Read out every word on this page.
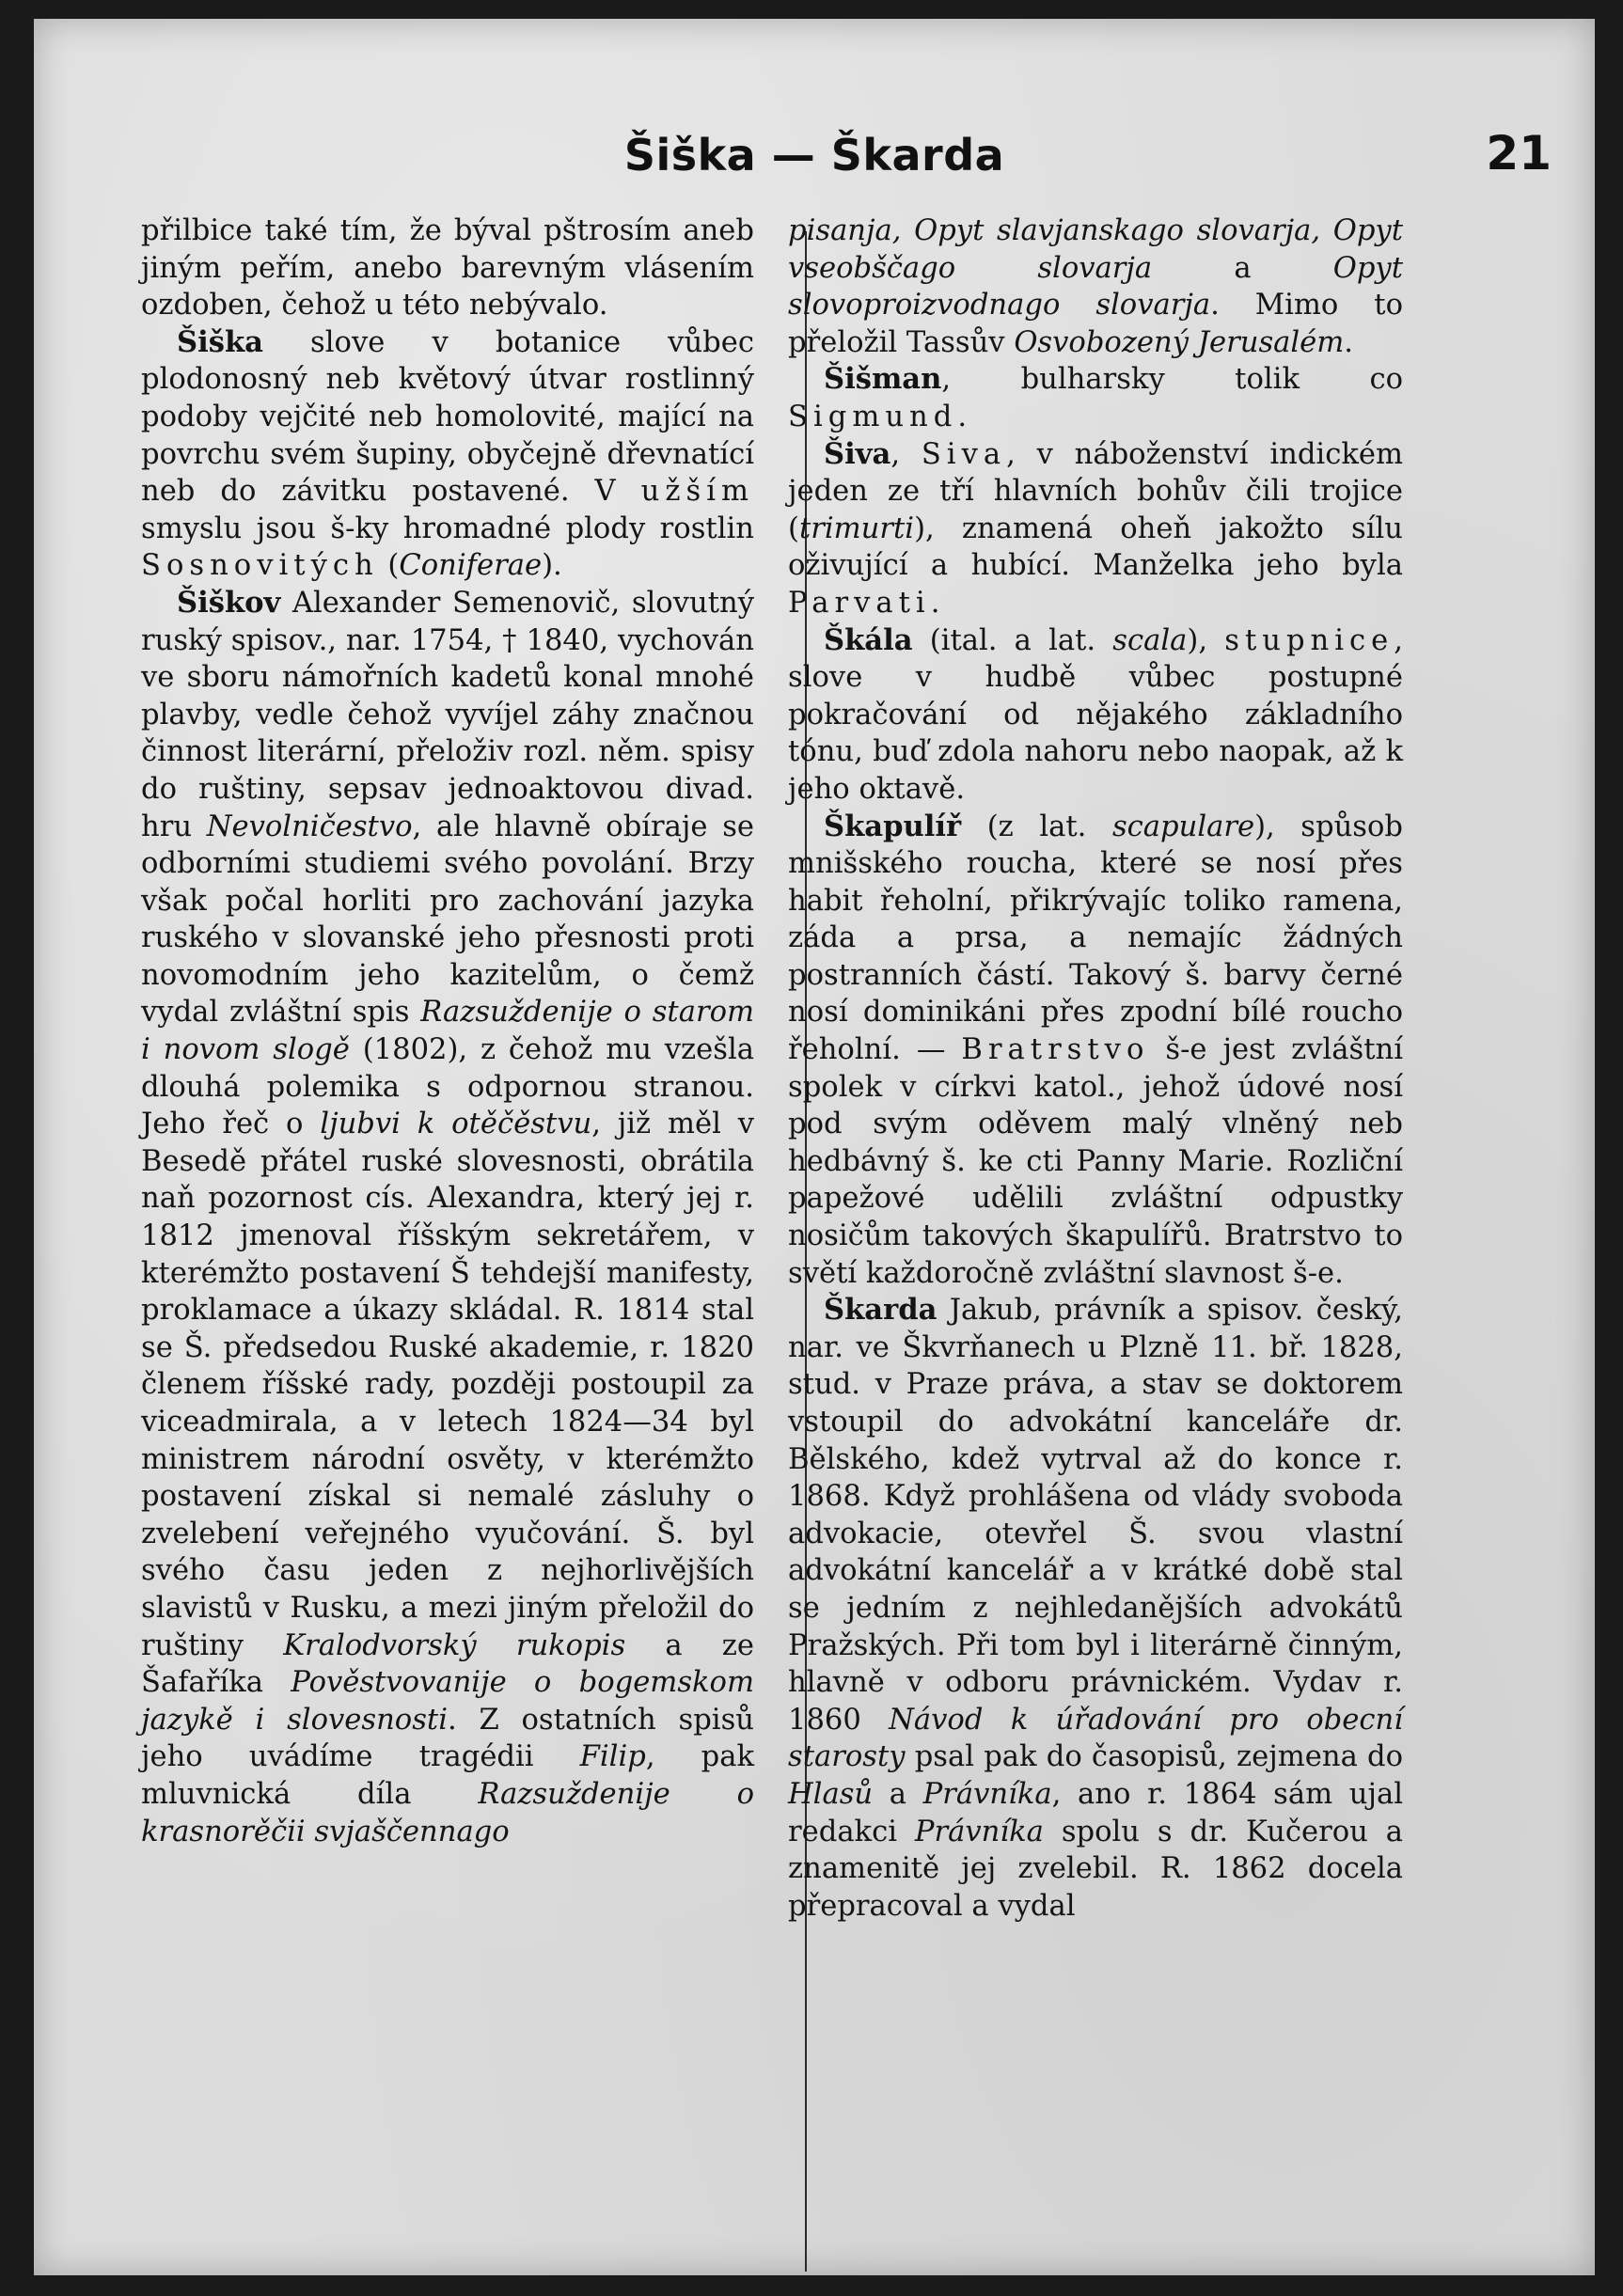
Šiška — Škarda	21

přilbice také tím, že býval pštrosím aneb jiným peřím, anebo barevným vlásením ozdoben, čehož u této nebývalo.

Šiška slove v botanice vůbec plodonosný neb květový útvar rostlinný podoby vejčité neb homolovité, mající na povrchu svém šupiny, obyčejně dřevnatící neb do závitku postavené. V užším smyslu jsou š-ky hromadné plody rostlin Sosnovitých (Coniferae).

Šiškov Alexander Semenovič, slovutný ruský spisov., nar. 1754, † 1840, vychován ve sboru námořních kadetů konal mnohé plavby, vedle čehož vyvíjel záhy značnou činnost literární, přeloživ rozl. něm. spisy do ruštiny, sepsav jednoaktovou divad. hru Nevolničestvo, ale hlavně obíraje se odborními studiemi svého povolání. Brzy však počal horliti pro zachování jazyka ruského v slovanské jeho přesnosti proti novomodním jeho kazitelům, o čemž vydal zvláštní spis Razsuždenije o starom i novom slogě (1802), z čehož mu vzešla dlouhá polemika s odpornou stranou. Jeho řeč o ljubvi k otěčěstvu, již měl v Besedě přátel ruské slovesnosti, obrátila naň pozornost cís. Alexandra, který jej r. 1812 jmenoval říšským sekretářem, v kterémžto postavení Š tehdejší manifesty, proklamace a úkazy skládal. R. 1814 stal se Š. předsedou Ruské akademie, r. 1820 členem říšské rady, později postoupil za viceadmirala, a v letech 1824—34 byl ministrem národní osvěty, v kterémžto postavení získal si nemalé zásluhy o zvelebení veřejného vyučování. Š. byl svého času jeden z nejhorlivějších slavistů v Rusku, a mezi jiným přeložil do ruštiny Kralodvorský rukopis a ze Šafaříka Pověstvovanije o bogemskom jazykě i slovesnosti. Z ostatních spisů jeho uvádíme tragédii Filip, pak mluvnická díla Razsuždenije o krasnorěčii svjaščennago

pisanja, Opyt slavjanskago slovarja, Opyt vseobščago slovarja a Opyt slovoproizvodnago slovarja. Mimo to přeložil Tassův Osvobozený Jerusalém.

Šišman, bulharsky tolik co Sigmund.

Šiva, Siva, v náboženství indickém jeden ze tří hlavních bohův čili trojice (trimurti), znamená oheň jakožto sílu oživující a hubící. Manželka jeho byla Parvati.

Škála (ital. a lat. scala), stupnice, slove v hudbě vůbec postupné pokračování od nějakého základního tónu, buď zdola nahoru nebo naopak, až k jeho oktavě.

Škapulíř (z lat. scapulare), spůsob mnišského roucha, které se nosí přes habit řeholní, přikrývajíc toliko ramena, záda a prsa, a nemajíc žádných postranních částí. Takový š. barvy černé nosí dominikáni přes zpodní bílé roucho řeholní. — Bratrstvo š-e jest zvláštní spolek v církvi katol., jehož údové nosí pod svým oděvem malý vlněný neb hedbávný š. ke cti Panny Marie. Rozliční papežové udělili zvláštní odpustky nosičům takových škapulířů. Bratrstvo to světí každoročně zvláštní slavnost š-e.

Škarda Jakub, právník a spisov. český, nar. ve Škvrňanech u Plzně 11. bř. 1828, stud. v Praze práva, a stav se doktorem vstoupil do advokátní kanceláře dr. Bělského, kdež vytrval až do konce r. 1868. Když prohlášena od vlády svoboda advokacie, otevřel Š. svou vlastní advokátní kancelář a v krátké době stal se jedním z nejhledanějších advokátů Pražských. Při tom byl i literárně činným, hlavně v odboru právnickém. Vydav r. 1860 Návod k úřadování pro obecní starosty psal pak do časopisů, zejmena do Hlasů a Právníka, ano r. 1864 sám ujal redakci Právníka spolu s dr. Kučerou a znamenitě jej zvelebil. R. 1862 docela přepracoval a vydal
